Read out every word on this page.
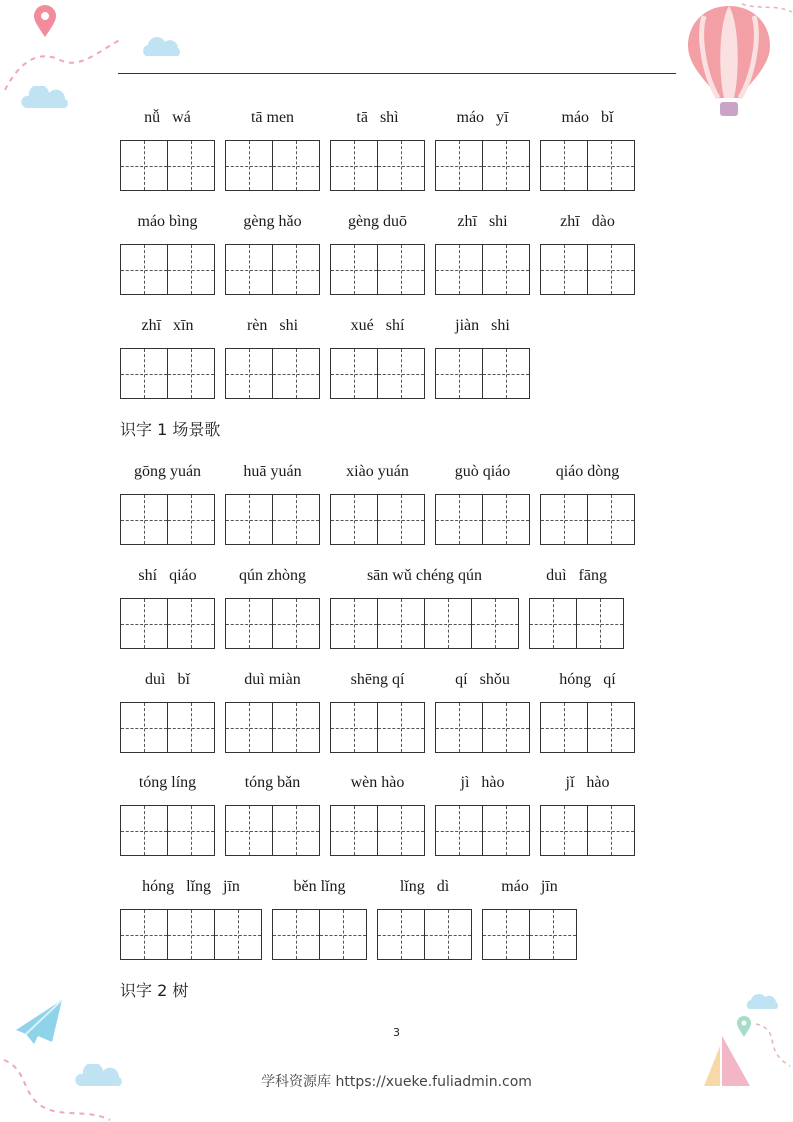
nǚ   wá	tā men	tā   shì	máo   yī	máo   bǐ
máo bìng	gèng hǎo	gèng duō	zhī   shi	zhī   dào
zhī   xīn	rèn   shi	xué   shí	jiàn   shi
识字 1 场景歌
gōng yuán	huā yuán	xiào yuán	guò qiáo	qiáo dòng
shí   qiáo	qún zhòng	sān wǔ chéng qún	duì   fāng
duì   bǐ	duì miàn	shēng qí	qí   shǒu	hóng   qí
tóng líng	tóng bǎn	wèn hào	jì   hào	jǐ   hào
hóng   lǐng   jīn	běn lǐng	lǐng   dì	máo   jīn
识字 2 树
3
学科资源库 https://xueke.fuliadmin.com
